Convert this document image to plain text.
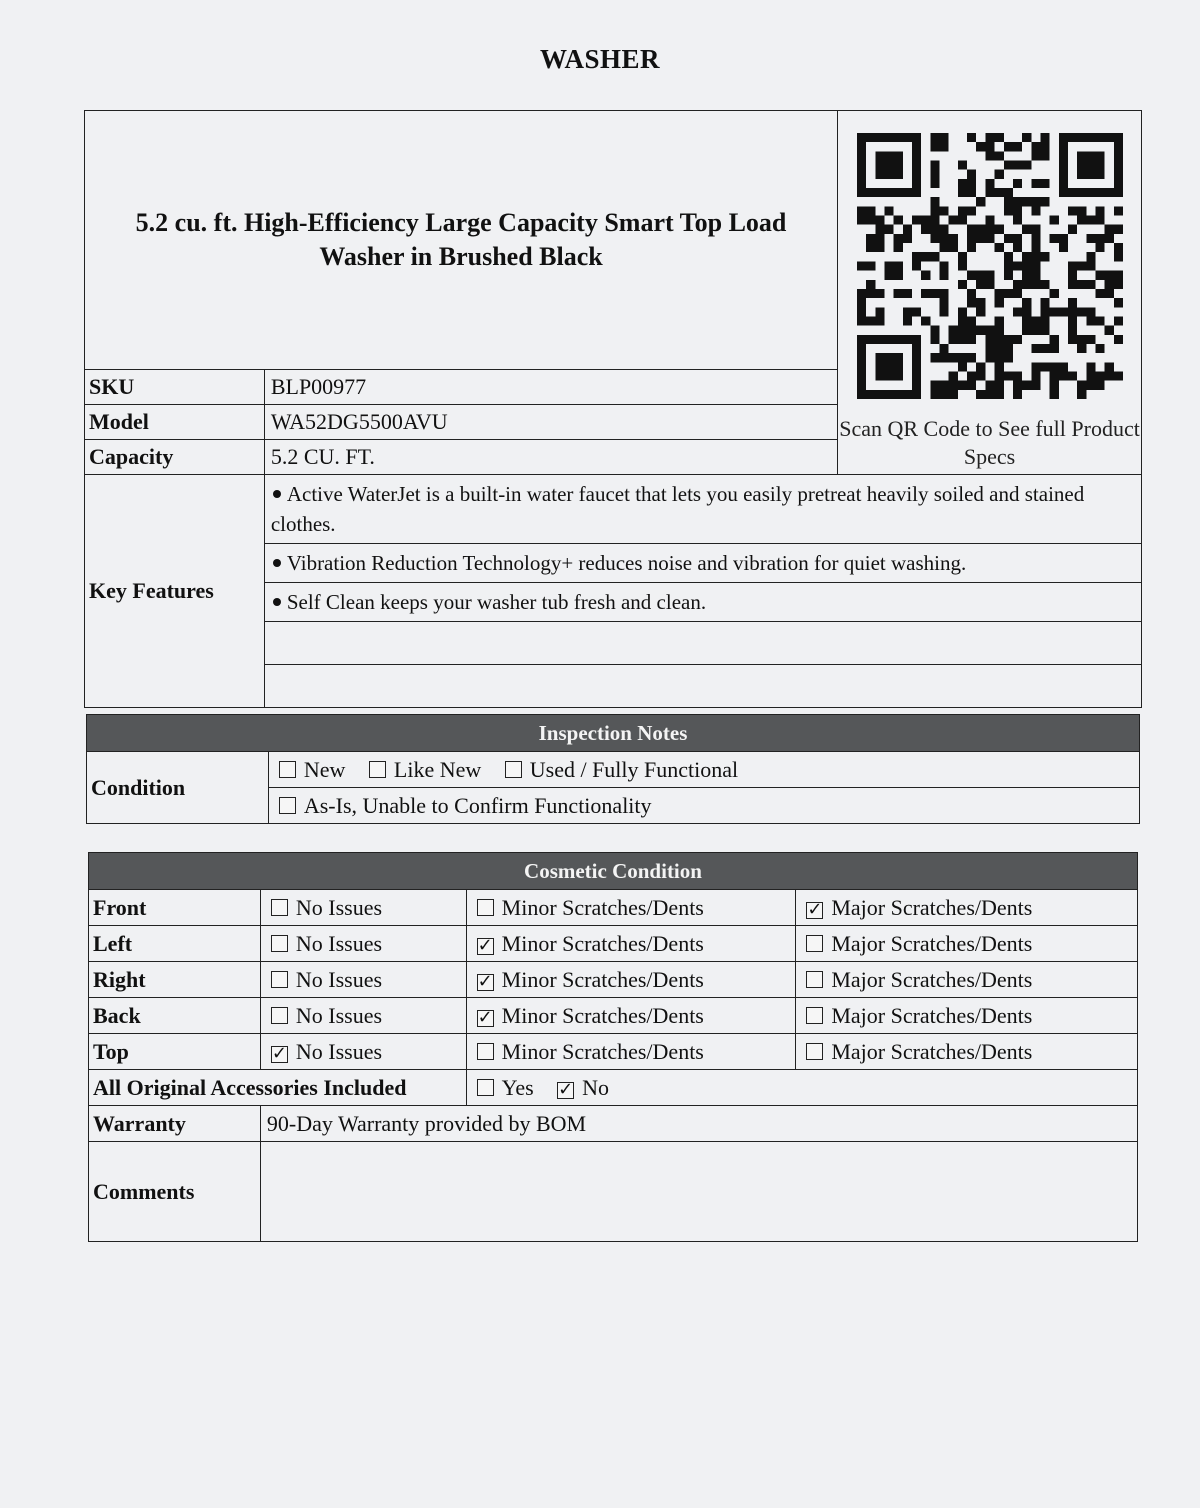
WASHER
5.2 cu. ft. High-Efficiency Large Capacity Smart Top Load Washer in Brushed Black		Scan QR Code to See full Product Specs

SKU	BLP00977	
Model	WA52DG5500AVU	
Capacity	5.2 CU. FT.	
Key Features	Active WaterJet is a built-in water faucet that lets you easily pretreat heavily soiled and stained clothes.	
	Vibration Reduction Technology+ reduces noise and vibration for quiet washing.	
	Self Clean keeps your washer tub fresh and clean.	

Inspection Notes
Condition	New Like New Used / Fully Functional
As-Is, Unable to Confirm Functionality
Cosmetic Condition			
Front	No Issues	Minor Scratches/Dents	✓ Major Scratches/Dents
Left	No Issues	✓ Minor Scratches/Dents	Major Scratches/Dents
Right	No Issues	✓ Minor Scratches/Dents	Major Scratches/Dents
Back	No Issues	✓ Minor Scratches/Dents	Major Scratches/Dents
Top	✓ No Issues	Minor Scratches/Dents	Major Scratches/Dents
All Original Accessories Included		Yes ✓ No	
Warranty	90-Day Warranty provided by BOM		
Comments			
